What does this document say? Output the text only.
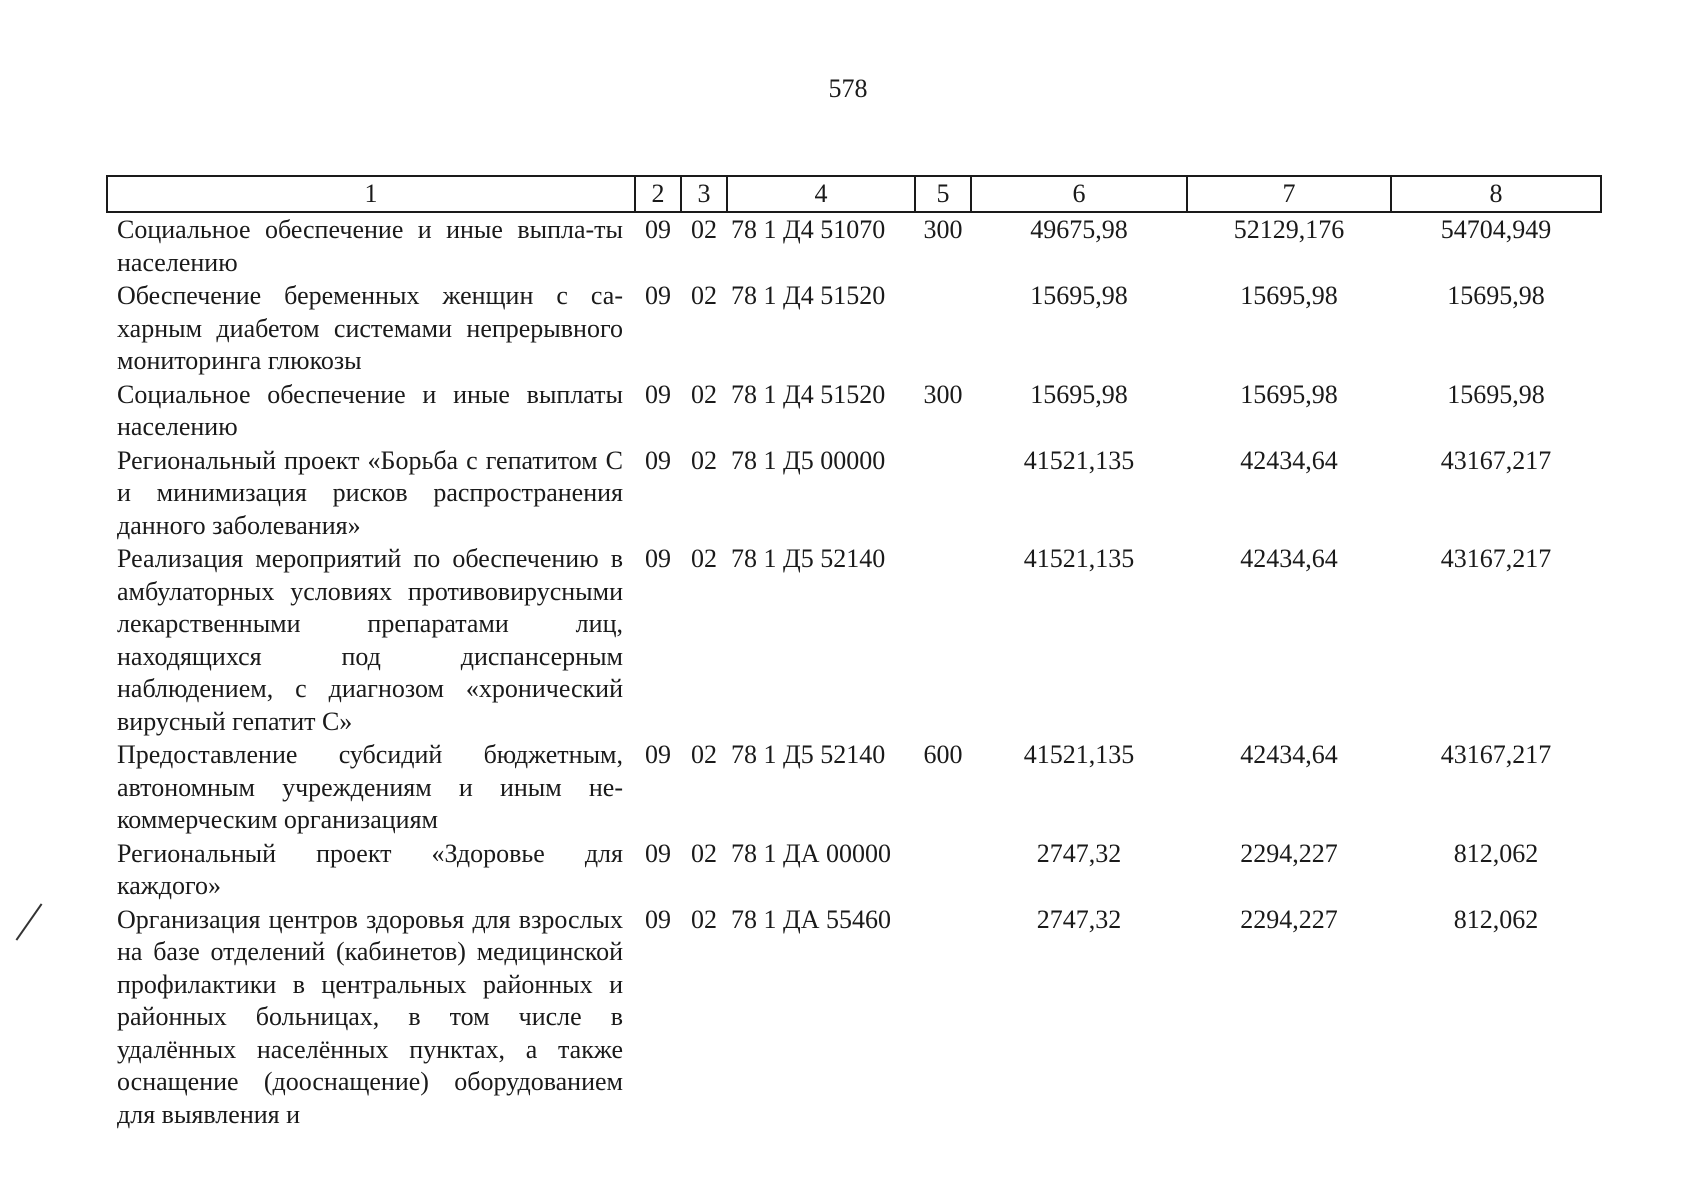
578
1	2	3	4	5	6	7	8
Социальное обеспечение и иные выпла-ты населению	09	02	78 1 Д4 51070	300	49675,98	52129,176	54704,949
Обеспечение беременных женщин с сахарным диабетом системами непрерывного мониторинга глюкозы	09	02	78 1 Д4 51520		15695,98	15695,98	15695,98
Социальное обеспечение и иные выплаты населению	09	02	78 1 Д4 51520	300	15695,98	15695,98	15695,98
Региональный проект «Борьба с гепатитом С и минимизация рисков распространения данного заболевания»	09	02	78 1 Д5 00000		41521,135	42434,64	43167,217
Реализация мероприятий по обеспечению в амбулаторных условиях противовирусными лекарственными препаратами лиц, находящихся под диспансерным наблюдением, с диагнозом «хронический вирусный гепатит С»	09	02	78 1 Д5 52140		41521,135	42434,64	43167,217
Предоставление субсидий бюджетным, автономным учреждениям и иным некоммерческим организациям	09	02	78 1 Д5 52140	600	41521,135	42434,64	43167,217
Региональный проект «Здоровье для каждого»	09	02	78 1 ДА 00000		2747,32	2294,227	812,062
Организация центров здоровья для взрослых на базе отделений (кабинетов) медицинской профилактики в центральных районных и районных больницах, в том числе в удалённых населённых пунктах, а также оснащение (дооснащение) оборудованием для выявления и	09	02	78 1 ДА 55460		2747,32	2294,227	812,062
